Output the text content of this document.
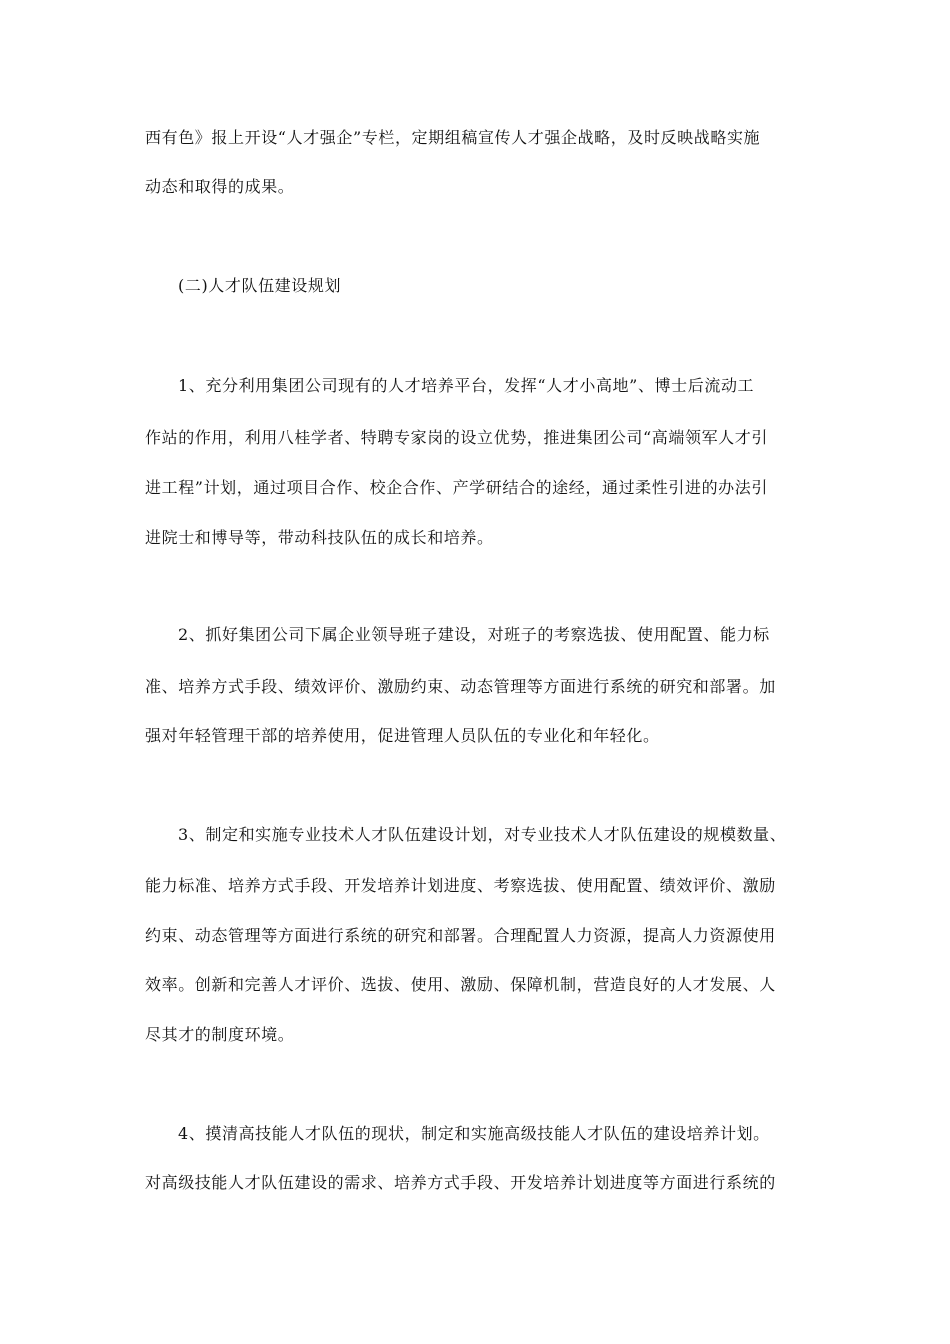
西有色》报上开设“人才强企”专栏，定期组稿宣传人才强企战略，及时反映战略实施
动态和取得的成果。
(二)人才队伍建设规划
1、充分利用集团公司现有的人才培养平台，发挥“人才小高地”、博士后流动工
作站的作用，利用八桂学者、特聘专家岗的设立优势，推进集团公司“高端领军人才引
进工程”计划，通过项目合作、校企合作、产学研结合的途经，通过柔性引进的办法引
进院士和博导等，带动科技队伍的成长和培养。
2、抓好集团公司下属企业领导班子建设，对班子的考察选拔、使用配置、能力标
准、培养方式手段、绩效评价、激励约束、动态管理等方面进行系统的研究和部署。加
强对年轻管理干部的培养使用，促进管理人员队伍的专业化和年轻化。
3、制定和实施专业技术人才队伍建设计划，对专业技术人才队伍建设的规模数量、
能力标准、培养方式手段、开发培养计划进度、考察选拔、使用配置、绩效评价、激励
约束、动态管理等方面进行系统的研究和部署。合理配置人力资源，提高人力资源使用
效率。创新和完善人才评价、选拔、使用、激励、保障机制，营造良好的人才发展、人
尽其才的制度环境。
4、摸清高技能人才队伍的现状，制定和实施高级技能人才队伍的建设培养计划。
对高级技能人才队伍建设的需求、培养方式手段、开发培养计划进度等方面进行系统的
